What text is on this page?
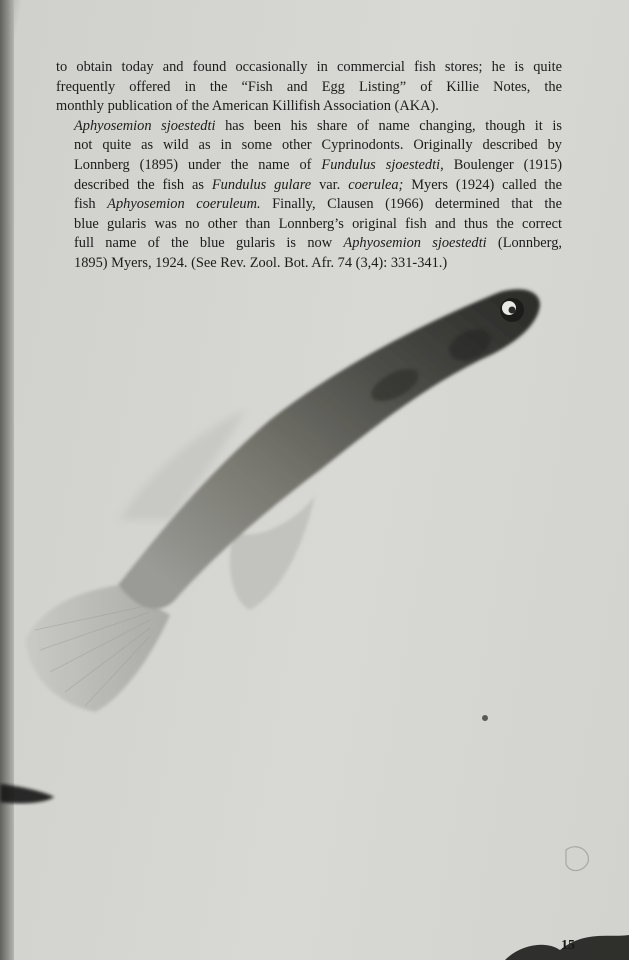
to obtain today and found occasionally in commercial fish stores; he is quite
frequently offered in the “Fish and Egg Listing” of Killie Notes, the
monthly publication of the American Killifish Association (AKA).

Aphyosemion sjoestedti has been his share of name changing, though it is
not quite as wild as in some other Cyprinodonts. Originally described by
Lonnberg (1895) under the name of Fundulus sjoestedti, Boulenger (1915)
described the fish as Fundulus gulare var. coerulea; Myers (1924) called the
fish Aphyosemion coeruleum. Finally, Clausen (1966) determined that the
blue gularis was no other than Lonnberg’s original fish and thus the correct
full name of the blue gularis is now Aphyosemion sjoestedti (Lonnberg,
1895) Myers, 1924. (See Rev. Zool. Bot. Afr. 74 (3,4): 331-341.)

15
